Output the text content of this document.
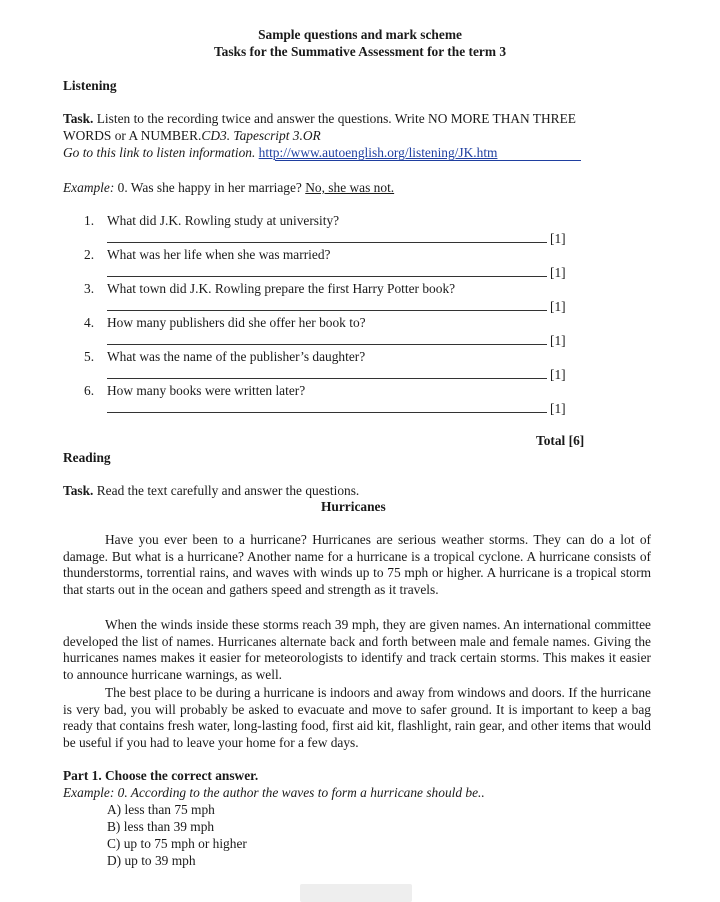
Sample questions and mark scheme
Tasks for the Summative Assessment for the term 3
Listening
Task. Listen to the recording twice and answer the questions. Write NO MORE THAN THREE
WORDS or A NUMBER.CD3. Tapescript 3.OR
Go to this link to listen information. http://www.autoenglish.org/listening/JK.htm
Example: 0. Was she happy in her marriage? No, she was not.
1. What did J.K. Rowling study at university?
[1]
2. What was her life when she was married?
[1]
3. What town did J.K. Rowling prepare the first Harry Potter book?
[1]
4. How many publishers did she offer her book to?
[1]
5. What was the name of the publisher’s daughter?
[1]
6. How many books were written later?
[1]
Total [6]
Reading
Task. Read the text carefully and answer the questions.
Hurricanes
Have you ever been to a hurricane? Hurricanes are serious weather storms. They can do a lot of damage. But what is a hurricane? Another name for a hurricane is a tropical cyclone. A hurricane consists of thunderstorms, torrential rains, and waves with winds up to 75 mph or higher. A hurricane is a tropical storm that starts out in the ocean and gathers speed and strength as it travels.
When the winds inside these storms reach 39 mph, they are given names. An international committee developed the list of names. Hurricanes alternate back and forth between male and female names. Giving the hurricanes names makes it easier for meteorologists to identify and track certain storms. This makes it easier to announce hurricane warnings, as well.
The best place to be during a hurricane is indoors and away from windows and doors. If the hurricane is very bad, you will probably be asked to evacuate and move to safer ground. It is important to keep a bag ready that contains fresh water, long-lasting food, first aid kit, flashlight, rain gear, and other items that would be useful if you had to leave your home for a few days.
Part 1. Choose the correct answer.
Example: 0. According to the author the waves to form a hurricane should be..
A) less than 75 mph
B) less than 39 mph
C) up to 75 mph or higher
D) up to 39 mph
